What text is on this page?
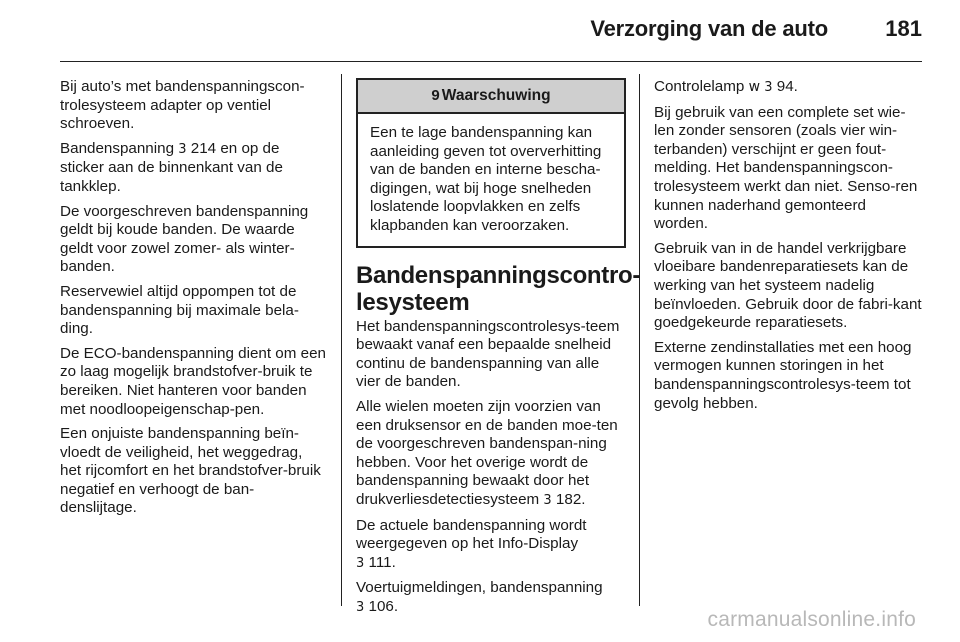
Verzorging van de auto	181

Bij auto’s met bandenspanningscon-trolesysteem adapter op ventiel schroeven.

Bandenspanning 3 214 en op de sticker aan de binnenkant van de tankklep.

De voorgeschreven bandenspanning geldt bij koude banden. De waarde geldt voor zowel zomer- als winter-banden.

Reservewiel altijd oppompen tot de bandenspanning bij maximale bela-ding.

De ECO-bandenspanning dient om een zo laag mogelijk brandstofver-bruik te bereiken. Niet hanteren voor banden met noodloopeigenschap-pen.

Een onjuiste bandenspanning beïn-vloedt de veiligheid, het weggedrag, het rijcomfort en het brandstofver-bruik negatief en verhoogt de ban-denslijtage.

9 Waarschuwing
Een te lage bandenspanning kan aanleiding geven tot oververhitting van de banden en interne bescha-digingen, wat bij hoge snelheden loslatende loopvlakken en zelfs klapbanden kan veroorzaken.
Bandenspanningscontro-lesysteem

Het bandenspanningscontrolesys-teem bewaakt vanaf een bepaalde snelheid continu de bandenspanning van alle vier de banden.

Alle wielen moeten zijn voorzien van een druksensor en de banden moe-ten de voorgeschreven bandenspan-ning hebben. Voor het overige wordt de bandenspanning bewaakt door het drukverliesdetectiesysteem 3 182.

De actuele bandenspanning wordt weergegeven op het Info-Display
3 111.

Voertuigmeldingen, bandenspanning
3 106.

Controlelamp w 3 94.

Bij gebruik van een complete set wie-len zonder sensoren (zoals vier win-terbanden) verschijnt er geen fout-melding. Het bandenspanningscon-trolesysteem werkt dan niet. Senso-ren kunnen naderhand gemonteerd worden.

Gebruik van in de handel verkrijgbare vloeibare bandenreparatiesets kan de werking van het systeem nadelig beïnvloeden. Gebruik door de fabri-kant goedgekeurde reparatiesets.

Externe zendinstallaties met een hoog vermogen kunnen storingen in het bandenspanningscontrolesys-teem tot gevolg hebben.

carmanualsonline.info
